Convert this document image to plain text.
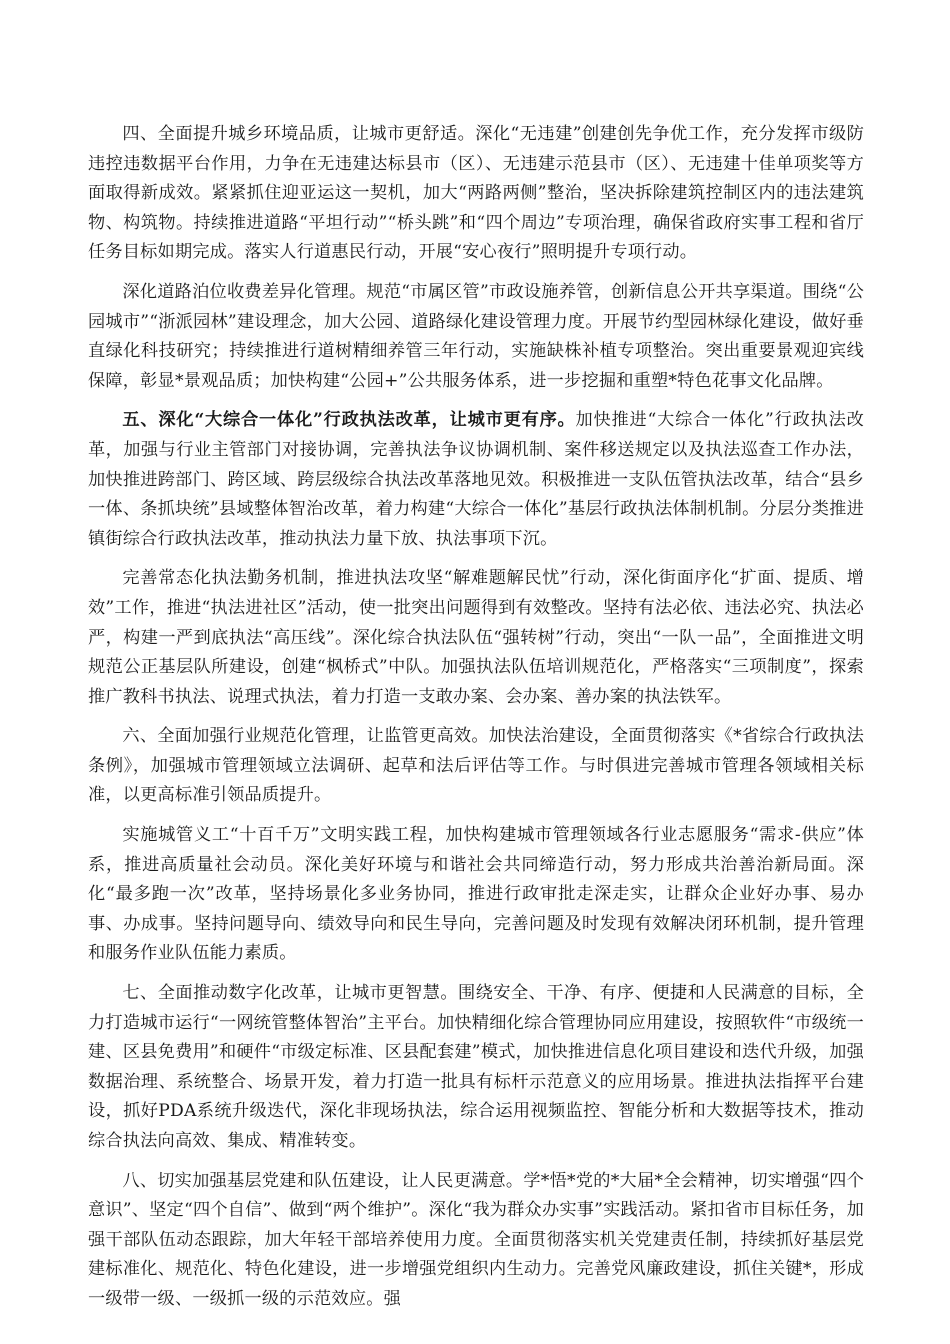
四、全面提升城乡环境品质，让城市更舒适。深化“无违建”创建创先争优工作，充分发挥市级防违控违数据平台作用，力争在无违建达标县市（区）、无违建示范县市（区）、无违建十佳单项奖等方面取得新成效。紧紧抓住迎亚运这一契机，加大“两路两侧”整治，坚决拆除建筑控制区内的违法建筑物、构筑物。持续推进道路“平坦行动”“桥头跳”和“四个周边”专项治理，确保省政府实事工程和省厅任务目标如期完成。落实人行道惠民行动，开展“安心夜行”照明提升专项行动。

深化道路泊位收费差异化管理。规范“市属区管”市政设施养管，创新信息公开共享渠道。围绕“公园城市”“浙派园林”建设理念，加大公园、道路绿化建设管理力度。开展节约型园林绿化建设，做好垂直绿化科技研究；持续推进行道树精细养管三年行动，实施缺株补植专项整治。突出重要景观迎宾线保障，彰显*景观品质；加快构建“公园+”公共服务体系，进一步挖掘和重塑*特色花事文化品牌。

五、深化“大综合一体化”行政执法改革，让城市更有序。加快推进“大综合一体化”行政执法改革，加强与行业主管部门对接协调，完善执法争议协调机制、案件移送规定以及执法巡查工作办法，加快推进跨部门、跨区域、跨层级综合执法改革落地见效。积极推进一支队伍管执法改革，结合“县乡一体、条抓块统”县域整体智治改革，着力构建“大综合一体化”基层行政执法体制机制。分层分类推进镇街综合行政执法改革，推动执法力量下放、执法事项下沉。

完善常态化执法勤务机制，推进执法攻坚“解难题解民忧”行动，深化街面序化“扩面、提质、增效”工作，推进“执法进社区”活动，使一批突出问题得到有效整改。坚持有法必依、违法必究、执法必严，构建一严到底执法“高压线”。深化综合执法队伍“强转树”行动，突出“一队一品”，全面推进文明规范公正基层队所建设，创建“枫桥式”中队。加强执法队伍培训规范化，严格落实“三项制度”，探索推广教科书执法、说理式执法，着力打造一支敢办案、会办案、善办案的执法铁军。

六、全面加强行业规范化管理，让监管更高效。加快法治建设，全面贯彻落实《*省综合行政执法条例》，加强城市管理领域立法调研、起草和法后评估等工作。与时俱进完善城市管理各领域相关标准，以更高标准引领品质提升。

实施城管义工“十百千万”文明实践工程，加快构建城市管理领域各行业志愿服务“需求-供应”体系，推进高质量社会动员。深化美好环境与和谐社会共同缔造行动，努力形成共治善治新局面。深化“最多跑一次”改革，坚持场景化多业务协同，推进行政审批走深走实，让群众企业好办事、易办事、办成事。坚持问题导向、绩效导向和民生导向，完善问题及时发现有效解决闭环机制，提升管理和服务作业队伍能力素质。

七、全面推动数字化改革，让城市更智慧。围绕安全、干净、有序、便捷和人民满意的目标，全力打造城市运行“一网统管整体智治”主平台。加快精细化综合管理协同应用建设，按照软件“市级统一建、区县免费用”和硬件“市级定标准、区县配套建”模式，加快推进信息化项目建设和迭代升级，加强数据治理、系统整合、场景开发，着力打造一批具有标杆示范意义的应用场景。推进执法指挥平台建设，抓好PDA系统升级迭代，深化非现场执法，综合运用视频监控、智能分析和大数据等技术，推动综合执法向高效、集成、精准转变。

八、切实加强基层党建和队伍建设，让人民更满意。学*悟*党的*大届*全会精神，切实增强“四个意识”、坚定“四个自信”、做到“两个维护”。深化“我为群众办实事”实践活动。紧扣省市目标任务，加强干部队伍动态跟踪，加大年轻干部培养使用力度。全面贯彻落实机关党建责任制，持续抓好基层党建标准化、规范化、特色化建设，进一步增强党组织内生动力。完善党风廉政建设，抓住关键*，形成一级带一级、一级抓一级的示范效应。强
